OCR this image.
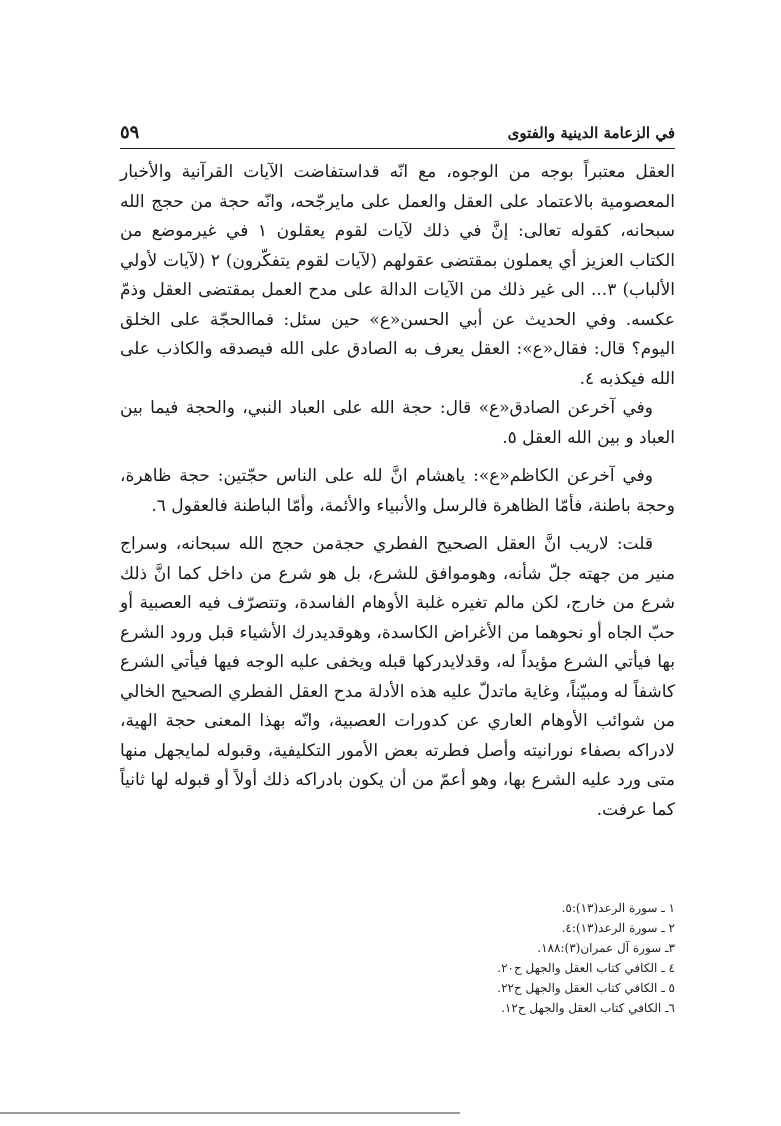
في الزعامة الدينية والفتوى
٥٩

العقل معتبراً بوجه من الوجوه، مع انّه قداستفاضت الآيات القرآنية والأخبار المعصومية بالاعتماد على العقل والعمل على مايرجّحه، وانّه حجة من حجج الله سبحانه، كقوله تعالى: إنَّ في ذلك لآيات لقوم يعقلون ١ في غيرموضع من الكتاب العزيز أي يعملون بمقتضى عقولهم (لآيات لقوم يتفكّرون) ٢ (لآيات لأولي الألباب) ٣... الى غير ذلك من الآيات الدالة على مدح العمل بمقتضى العقل وذمّ عكسه. وفي الحديث عن أبي الحسن«ع» حين سئل: فماالحجّة على الخلق اليوم؟ قال: فقال«ع»: العقل يعرف به الصادق على الله فيصدقه والكاذب على الله فيكذبه ٤.

وفي آخرعن الصادق«ع» قال: حجة الله على العباد النبي، والحجة فيما بين العباد و بين الله العقل ٥.

وفي آخرعن الكاظم«ع»: ياهشام انَّ لله على الناس حجّتين: حجة ظاهرة، وحجة باطنة، فأمّا الظاهرة فالرسل والأنبياء والأئمة، وأمّا الباطنة فالعقول ٦.

قلت: لاريب انَّ العقل الصحيح الفطري حجةمن حجج الله سبحانه، وسراج منير من جهته جلّ شأنه، وهوموافق للشرع، بل هو شرع من داخل كما انَّ ذلك شرع من خارج، لكن مالم تغيره غلبة الأوهام الفاسدة، وتتصرّف فيه العصبية أو حبّ الجاه أو نحوهما من الأغراض الكاسدة، وهوقديدرك الأشياء قبل ورود الشرع بها فيأتي الشرع مؤيداً له، وقدلايدركها قبله ويخفى عليه الوجه فيها فيأتي الشرع كاشفاً له ومبيّناً، وغاية ماتدلّ عليه هذه الأدلة مدح العقل الفطري الصحيح الخالي من شوائب الأوهام العاري عن كدورات العصبية، وانّه بهذا المعنى حجة الهية، لادراكه بصفاء نورانيته وأصل فطرته بعض الأمور التكليفية، وقبوله لمايجهل منها متى ورد عليه الشرع بها، وهو أعمّ من أن يكون بادراكه ذلك أولاً أو قبوله لها ثانياً كما عرفت.

١ ـ سورة الرعد(١٣):٥.
٢ ـ سورة الرعد(١٣):٤.
٣ـ سورة آل عمران(٣):١٨٨.
٤ ـ الكافي كتاب العقل والجهل ح٢٠.
٥ ـ الكافي كتاب العقل والجهل ح٢٢.
٦ـ الكافي كتاب العقل والجهل ح١٢.
